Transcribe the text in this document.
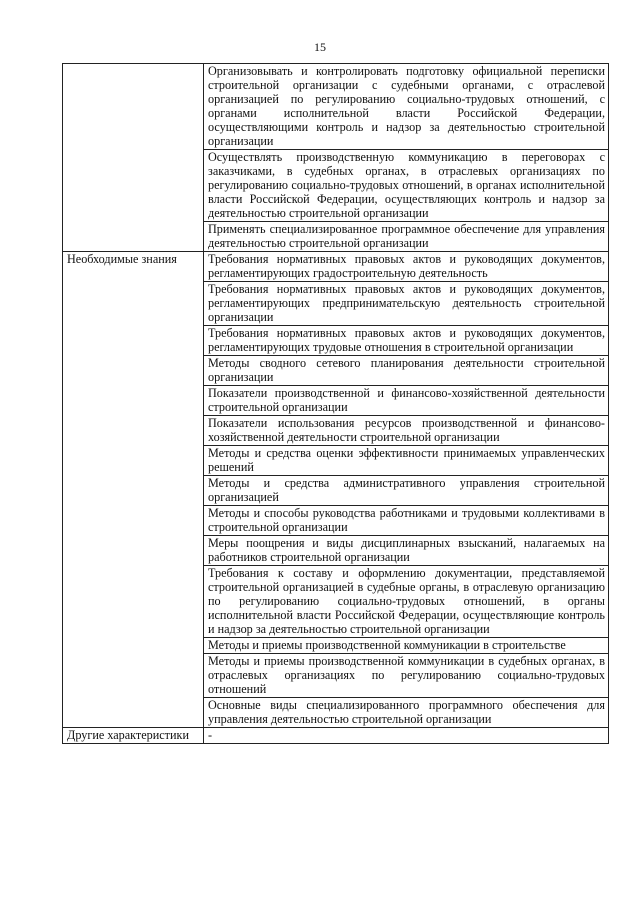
15
	Организовывать и контролировать подготовку официальной переписки строительной организации с судебными органами, с отраслевой организацией по регулированию социально-трудовых отношений, с органами исполнительной власти Российской Федерации, осуществляющими контроль и надзор за деятельностью строительной организации
	Осуществлять производственную коммуникацию в переговорах с заказчиками, в судебных органах, в отраслевых организациях по регулированию социально-трудовых отношений, в органах исполнительной власти Российской Федерации, осуществляющих контроль и надзор за деятельностью строительной организации
	Применять специализированное программное обеспечение для управления деятельностью строительной организации
Необходимые знания	Требования нормативных правовых актов и руководящих документов, регламентирующих градостроительную деятельность
	Требования нормативных правовых актов и руководящих документов, регламентирующих предпринимательскую деятельность строительной организации
	Требования нормативных правовых актов и руководящих документов, регламентирующих трудовые отношения в строительной организации
	Методы сводного сетевого планирования деятельности строительной организации
	Показатели производственной и финансово-хозяйственной деятельности строительной организации
	Показатели использования ресурсов производственной и финансово-хозяйственной деятельности строительной организации
	Методы и средства оценки эффективности принимаемых управленческих решений
	Методы и средства административного управления строительной организацией
	Методы и способы руководства работниками и трудовыми коллективами в строительной организации
	Меры поощрения и виды дисциплинарных взысканий, налагаемых на работников строительной организации
	Требования к составу и оформлению документации, представляемой строительной организацией в судебные органы, в отраслевую организацию по регулированию социально-трудовых отношений, в органы исполнительной власти Российской Федерации, осуществляющие контроль и надзор за деятельностью строительной организации
	Методы и приемы производственной коммуникации в строительстве
	Методы и приемы производственной коммуникации в судебных органах, в отраслевых организациях по регулированию социально-трудовых отношений
	Основные виды специализированного программного обеспечения для управления деятельностью строительной организации
Другие характеристики	-
